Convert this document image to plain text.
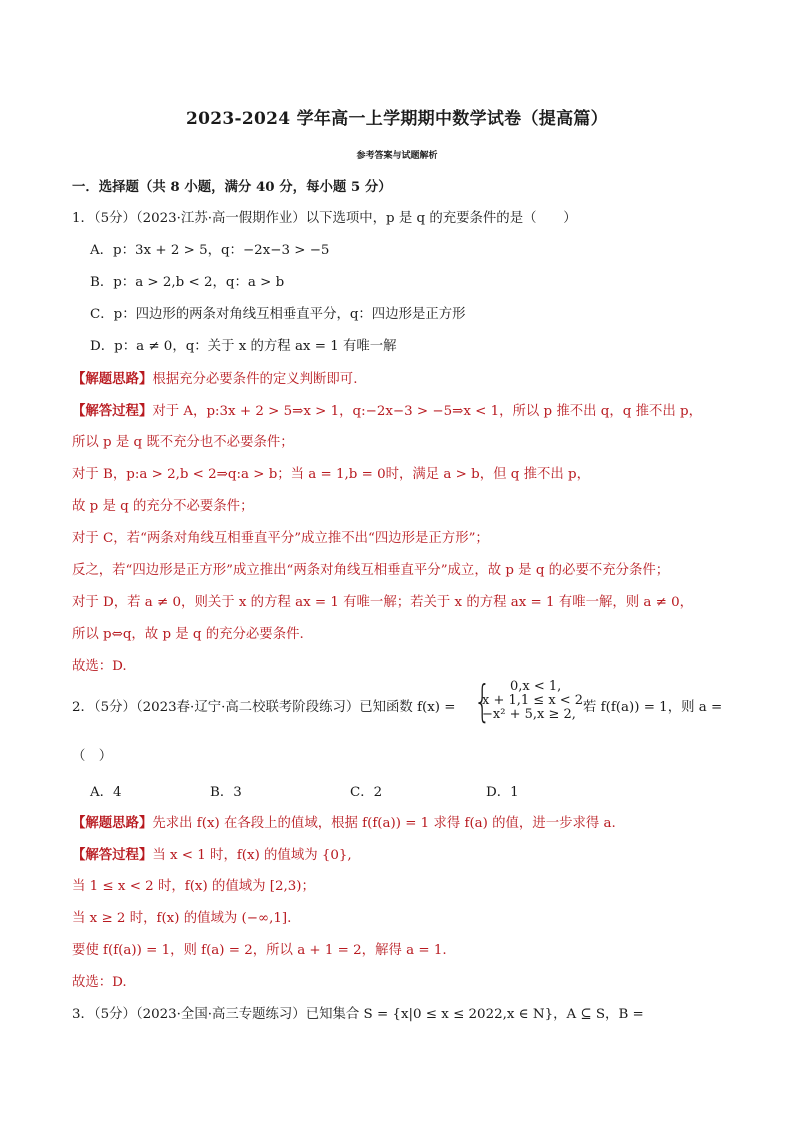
2023-2024 学年高一上学期期中数学试卷（提高篇）
参考答案与试题解析
一．选择题（共 8 小题，满分 40 分，每小题 5 分）
1．（5分）（2023·江苏·高一假期作业）以下选项中，p 是 q 的充要条件的是（　　）
A．p：3x + 2 > 5，q：−2x−3 > −5
B．p：a > 2,b < 2，q：a > b
C．p：四边形的两条对角线互相垂直平分，q：四边形是正方形
D．p：a ≠ 0，q：关于 x 的方程 ax = 1 有唯一解
【解题思路】根据充分必要条件的定义判断即可.
【解答过程】对于 A，p:3x + 2 > 5⇒x > 1，q:−2x−3 > −5⇒x < 1，所以 p 推不出 q，q 推不出 p，
所以 p 是 q 既不充分也不必要条件；
对于 B，p:a > 2,b < 2⇒q:a > b；当 a = 1,b = 0时，满足 a > b，但 q 推不出 p，
故 p 是 q 的充分不必要条件；
对于 C，若“两条对角线互相垂直平分”成立推不出“四边形是正方形”；
反之，若“四边形是正方形”成立推出“两条对角线互相垂直平分”成立，故 p 是 q 的必要不充分条件；
对于 D，若 a ≠ 0，则关于 x 的方程 ax = 1 有唯一解；若关于 x 的方程 ax = 1 有唯一解，则 a ≠ 0，
所以 p⇔q，故 p 是 q 的充分必要条件.
故选：D.
2．（5分）（2023春·辽宁·高二校联考阶段练习）已知函数 f(x) = {	0,x < 1,
x + 1,1 ≤ x < 2,
−x² + 5,x ≥ 2, 若 f(f(a)) = 1，则 a =
（　）
A．4	B．3	C．2	D．1
【解题思路】先求出 f(x) 在各段上的值域，根据 f(f(a)) = 1 求得 f(a) 的值，进一步求得 a.
【解答过程】当 x < 1 时，f(x) 的值域为 {0},
当 1 ≤ x < 2 时，f(x) 的值域为 [2,3)；
当 x ≥ 2 时，f(x) 的值域为 (−∞,1].
要使 f(f(a)) = 1，则 f(a) = 2，所以 a + 1 = 2，解得 a = 1.
故选：D.
3．（5分）（2023·全国·高三专题练习）已知集合 S = {x|0 ≤ x ≤ 2022,x ∈ N}，A ⊆ S，B =
